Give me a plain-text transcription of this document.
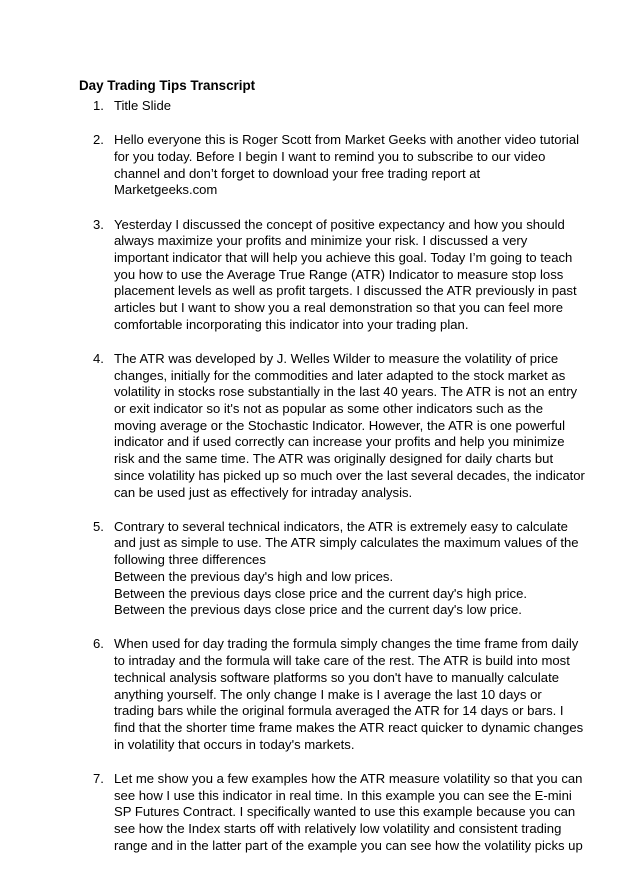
Day Trading Tips Transcript
1. Title Slide
2. Hello everyone this is Roger Scott from Market Geeks with another video tutorial
for you today. Before I begin I want to remind you to subscribe to our video
channel and don’t forget to download your free trading report at
Marketgeeks.com
3. Yesterday I discussed the concept of positive expectancy and how you should
always maximize your profits and minimize your risk. I discussed a very
important indicator that will help you achieve this goal. Today I’m going to teach
you how to use the Average True Range (ATR) Indicator to measure stop loss
placement levels as well as profit targets. I discussed the ATR previously in past
articles but I want to show you a real demonstration so that you can feel more
comfortable incorporating this indicator into your trading plan.
4. The ATR was developed by J. Welles Wilder to measure the volatility of price
changes, initially for the commodities and later adapted to the stock market as
volatility in stocks rose substantially in the last 40 years. The ATR is not an entry
or exit indicator so it's not as popular as some other indicators such as the
moving average or the Stochastic Indicator. However, the ATR is one powerful
indicator and if used correctly can increase your profits and help you minimize
risk and the same time. The ATR was originally designed for daily charts but
since volatility has picked up so much over the last several decades, the indicator
can be used just as effectively for intraday analysis.
5. Contrary to several technical indicators, the ATR is extremely easy to calculate
and just as simple to use. The ATR simply calculates the maximum values of the
following three differences
Between the previous day's high and low prices.
Between the previous days close price and the current day's high price.
Between the previous days close price and the current day's low price.
6. When used for day trading the formula simply changes the time frame from daily
to intraday and the formula will take care of the rest. The ATR is build into most
technical analysis software platforms so you don't have to manually calculate
anything yourself. The only change I make is I average the last 10 days or
trading bars while the original formula averaged the ATR for 14 days or bars. I
find that the shorter time frame makes the ATR react quicker to dynamic changes
in volatility that occurs in today's markets.
7. Let me show you a few examples how the ATR measure volatility so that you can
see how I use this indicator in real time. In this example you can see the E-mini
SP Futures Contract. I specifically wanted to use this example because you can
see how the Index starts off with relatively low volatility and consistent trading
range and in the latter part of the example you can see how the volatility picks up
